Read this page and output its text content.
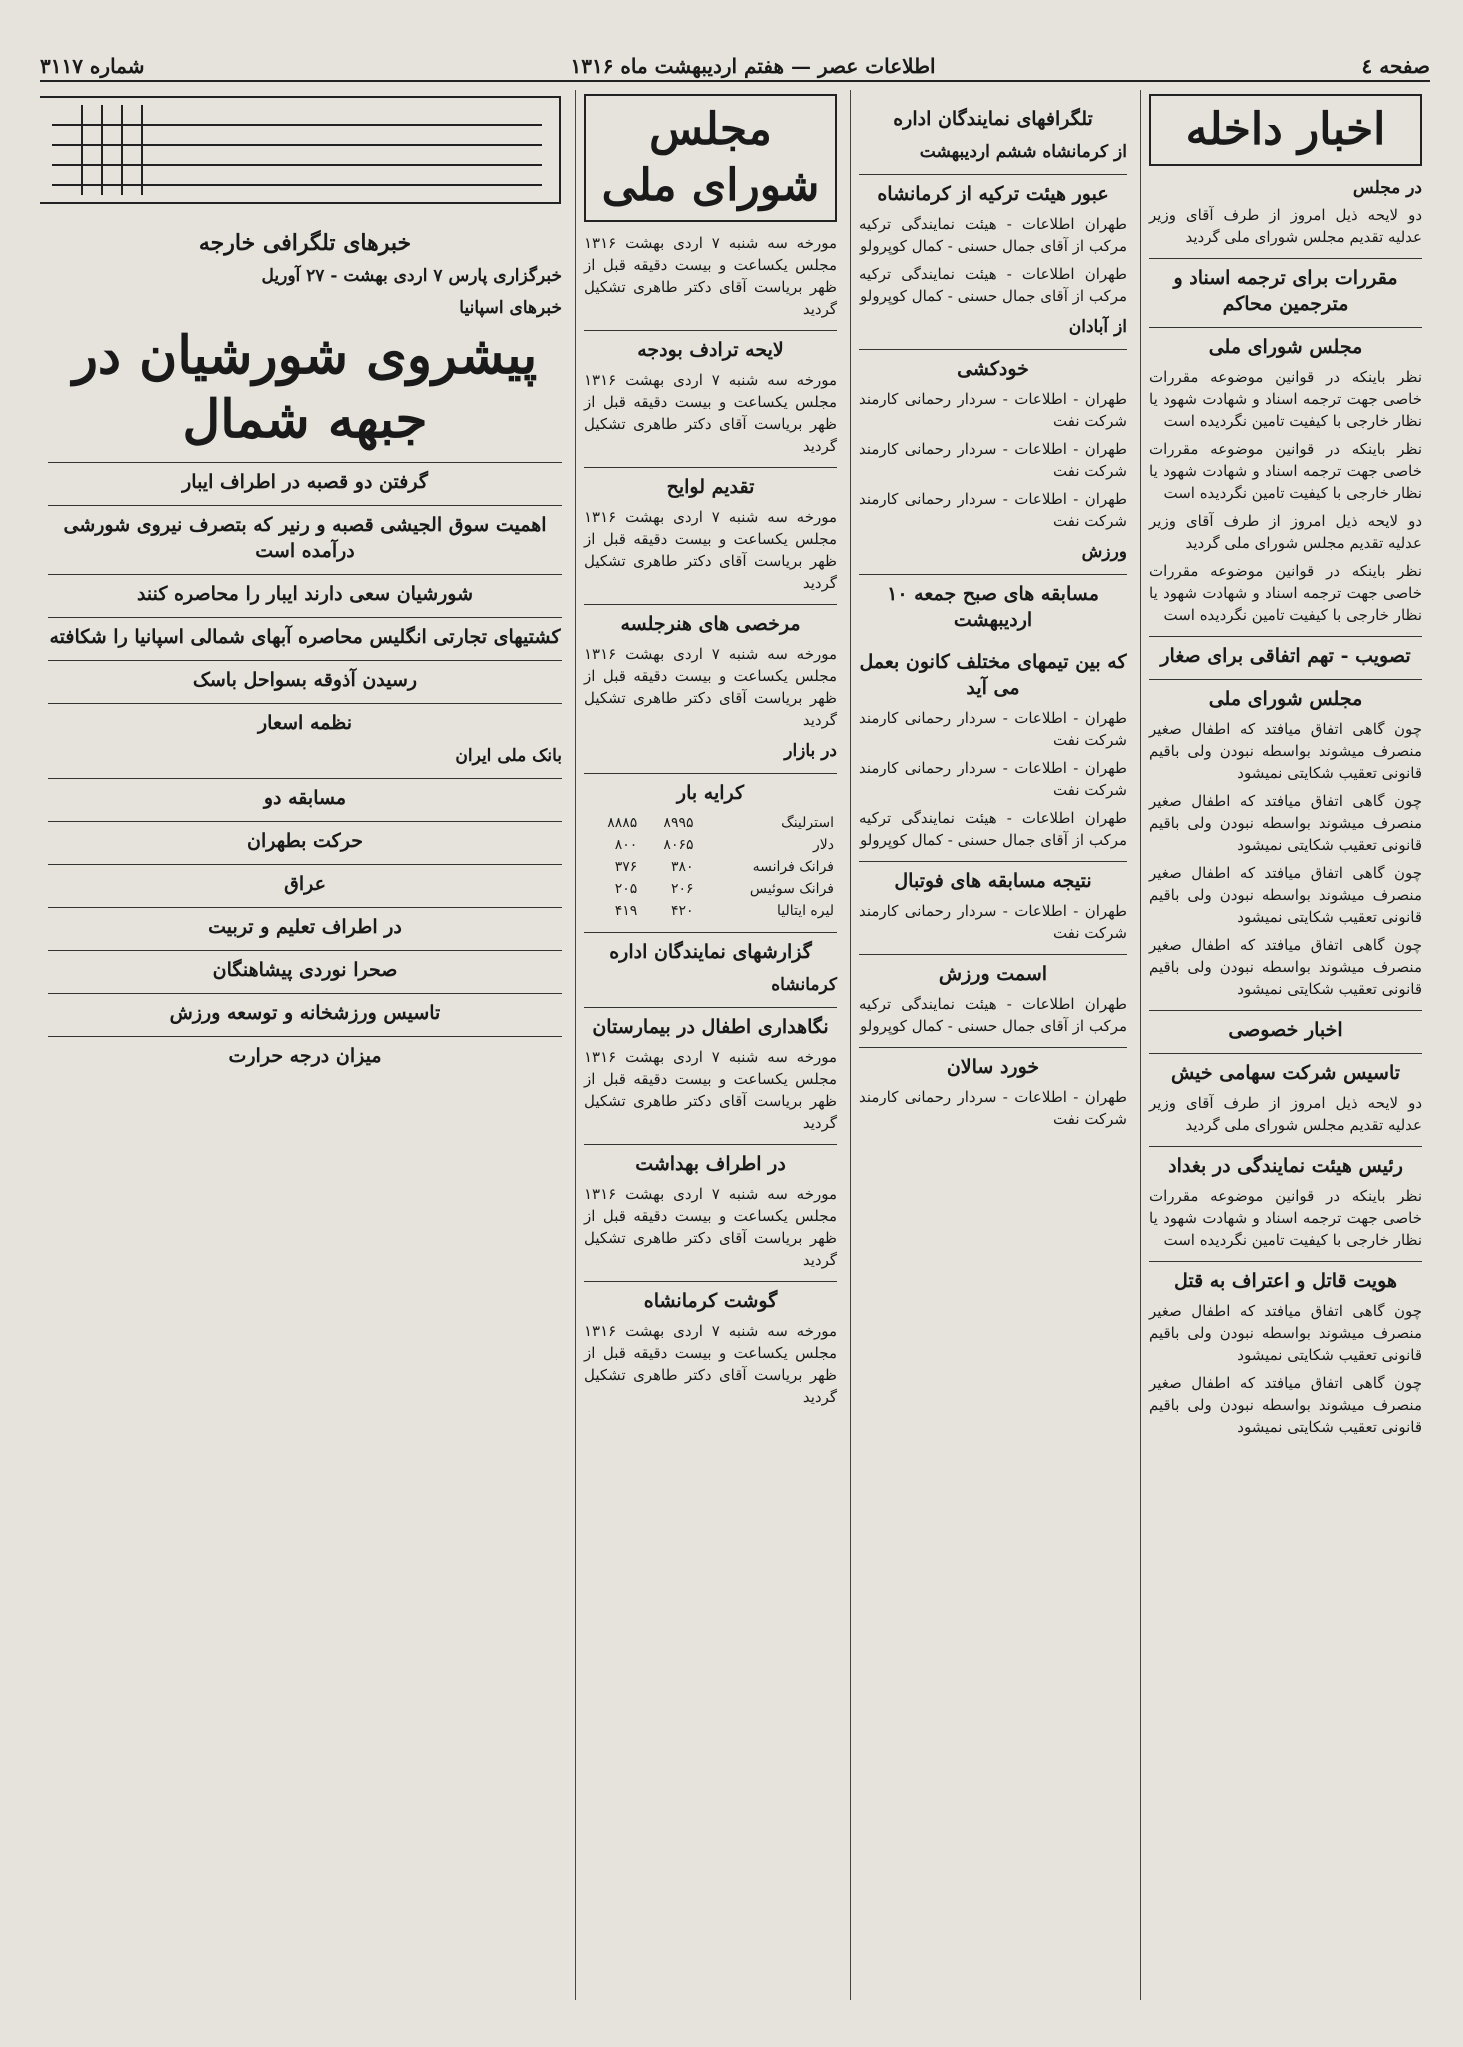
صفحه ٤
اطلاعات عصر — هفتم اردیبهشت ماه ۱۳۱۶
شماره ۳۱۱۷
اخبار داخله
در مجلس

دو لایحه ذیل امروز از طرف آقای وزیر عدلیه تقدیم مجلس شورای ملی گردید

مقررات برای ترجمه اسناد و مترجمین محاکم
مجلس شورای ملی

نظر باینکه در قوانین موضوعه مقررات خاصی جهت ترجمه اسناد و شهادت شهود یا نظار خارجی با کیفیت تامین نگردیده است

نظر باینکه در قوانین موضوعه مقررات خاصی جهت ترجمه اسناد و شهادت شهود یا نظار خارجی با کیفیت تامین نگردیده است

دو لایحه ذیل امروز از طرف آقای وزیر عدلیه تقدیم مجلس شورای ملی گردید

نظر باینکه در قوانین موضوعه مقررات خاصی جهت ترجمه اسناد و شهادت شهود یا نظار خارجی با کیفیت تامین نگردیده است

تصویب - تهم اتفاقی برای صغار
مجلس شورای ملی

چون گاهی اتفاق میافتد که اطفال صغیر منصرف میشوند بواسطه نبودن ولی باقیم قانونی تعقیب شکایتی نمیشود

چون گاهی اتفاق میافتد که اطفال صغیر منصرف میشوند بواسطه نبودن ولی باقیم قانونی تعقیب شکایتی نمیشود

چون گاهی اتفاق میافتد که اطفال صغیر منصرف میشوند بواسطه نبودن ولی باقیم قانونی تعقیب شکایتی نمیشود

چون گاهی اتفاق میافتد که اطفال صغیر منصرف میشوند بواسطه نبودن ولی باقیم قانونی تعقیب شکایتی نمیشود

اخبار خصوصی
تاسیس شرکت سهامی خیش

دو لایحه ذیل امروز از طرف آقای وزیر عدلیه تقدیم مجلس شورای ملی گردید

رئیس هیئت نمایندگی در بغداد

نظر باینکه در قوانین موضوعه مقررات خاصی جهت ترجمه اسناد و شهادت شهود یا نظار خارجی با کیفیت تامین نگردیده است

هویت قاتل و اعتراف به قتل

چون گاهی اتفاق میافتد که اطفال صغیر منصرف میشوند بواسطه نبودن ولی باقیم قانونی تعقیب شکایتی نمیشود

چون گاهی اتفاق میافتد که اطفال صغیر منصرف میشوند بواسطه نبودن ولی باقیم قانونی تعقیب شکایتی نمیشود

تلگرافهای نمایندگان اداره
از کرمانشاه ششم اردیبهشت
عبور هیئت ترکیه از کرمانشاه

طهران اطلاعات - هیئت نمایندگی ترکیه مرکب از آقای جمال حسنی - کمال کوپرولو

طهران اطلاعات - هیئت نمایندگی ترکیه مرکب از آقای جمال حسنی - کمال کوپرولو

از آبادان
خودکشی

طهران - اطلاعات - سردار رحمانی کارمند شرکت نفت

طهران - اطلاعات - سردار رحمانی کارمند شرکت نفت

طهران - اطلاعات - سردار رحمانی کارمند شرکت نفت

ورزش
مسابقه های صبح جمعه ۱۰ اردیبهشت
که بین تیمهای مختلف کانون بعمل می آید

طهران - اطلاعات - سردار رحمانی کارمند شرکت نفت

طهران - اطلاعات - سردار رحمانی کارمند شرکت نفت

طهران اطلاعات - هیئت نمایندگی ترکیه مرکب از آقای جمال حسنی - کمال کوپرولو

نتیجه مسابقه های فوتبال

طهران - اطلاعات - سردار رحمانی کارمند شرکت نفت

اسمت ورزش

طهران اطلاعات - هیئت نمایندگی ترکیه مرکب از آقای جمال حسنی - کمال کوپرولو

خورد سالان

طهران - اطلاعات - سردار رحمانی کارمند شرکت نفت

مجلس شورای ملی

مورخه سه شنبه ۷ اردی بهشت ۱۳۱۶ مجلس یکساعت و بیست دقیقه قبل از ظهر بریاست آقای دکتر طاهری تشکیل گردید

لایحه ترادف بودجه

مورخه سه شنبه ۷ اردی بهشت ۱۳۱۶ مجلس یکساعت و بیست دقیقه قبل از ظهر بریاست آقای دکتر طاهری تشکیل گردید

تقدیم لوایح

مورخه سه شنبه ۷ اردی بهشت ۱۳۱۶ مجلس یکساعت و بیست دقیقه قبل از ظهر بریاست آقای دکتر طاهری تشکیل گردید

مرخصی های هنرجلسه

مورخه سه شنبه ۷ اردی بهشت ۱۳۱۶ مجلس یکساعت و بیست دقیقه قبل از ظهر بریاست آقای دکتر طاهری تشکیل گردید

در بازار
کرایه بار
استرلینگ	۸۹۹۵	۸۸۸۵
دلار	۸۰۶۵	۸۰۰
فرانک فرانسه	۳۸۰	۳۷۶
فرانک سوئیس	۲۰۶	۲۰۵
لیره ایتالیا	۴۲۰	۴۱۹
گزارشهای نمایندگان اداره
کرمانشاه
نگاهداری اطفال در بیمارستان

مورخه سه شنبه ۷ اردی بهشت ۱۳۱۶ مجلس یکساعت و بیست دقیقه قبل از ظهر بریاست آقای دکتر طاهری تشکیل گردید

در اطراف بهداشت

مورخه سه شنبه ۷ اردی بهشت ۱۳۱۶ مجلس یکساعت و بیست دقیقه قبل از ظهر بریاست آقای دکتر طاهری تشکیل گردید

گوشت کرمانشاه

مورخه سه شنبه ۷ اردی بهشت ۱۳۱۶ مجلس یکساعت و بیست دقیقه قبل از ظهر بریاست آقای دکتر طاهری تشکیل گردید

خبرهای تلگرافی خارجه
خبرگزاری پارس ۷ اردی بهشت - ۲۷ آوریل
خبرهای اسپانیا
پیشروی شورشیان در جبهه شمال
گرفتن دو قصبه در اطراف ایبار
اهمیت سوق الجیشی قصبه و رنیر که بتصرف نیروی شورشی درآمده است
شورشیان سعی دارند ایبار را محاصره کنند
کشتیهای تجارتی انگلیس محاصره آبهای شمالی اسپانیا را شکافته
رسیدن آذوقه بسواحل باسک
نظمه اسعار
بانک ملی ایران
مسابقه دو
حرکت بطهران
عراق
در اطراف تعلیم و تربیت
صحرا نوردی پیشاهنگان
تاسیس ورزشخانه و توسعه ورزش
میزان درجه حرارت
